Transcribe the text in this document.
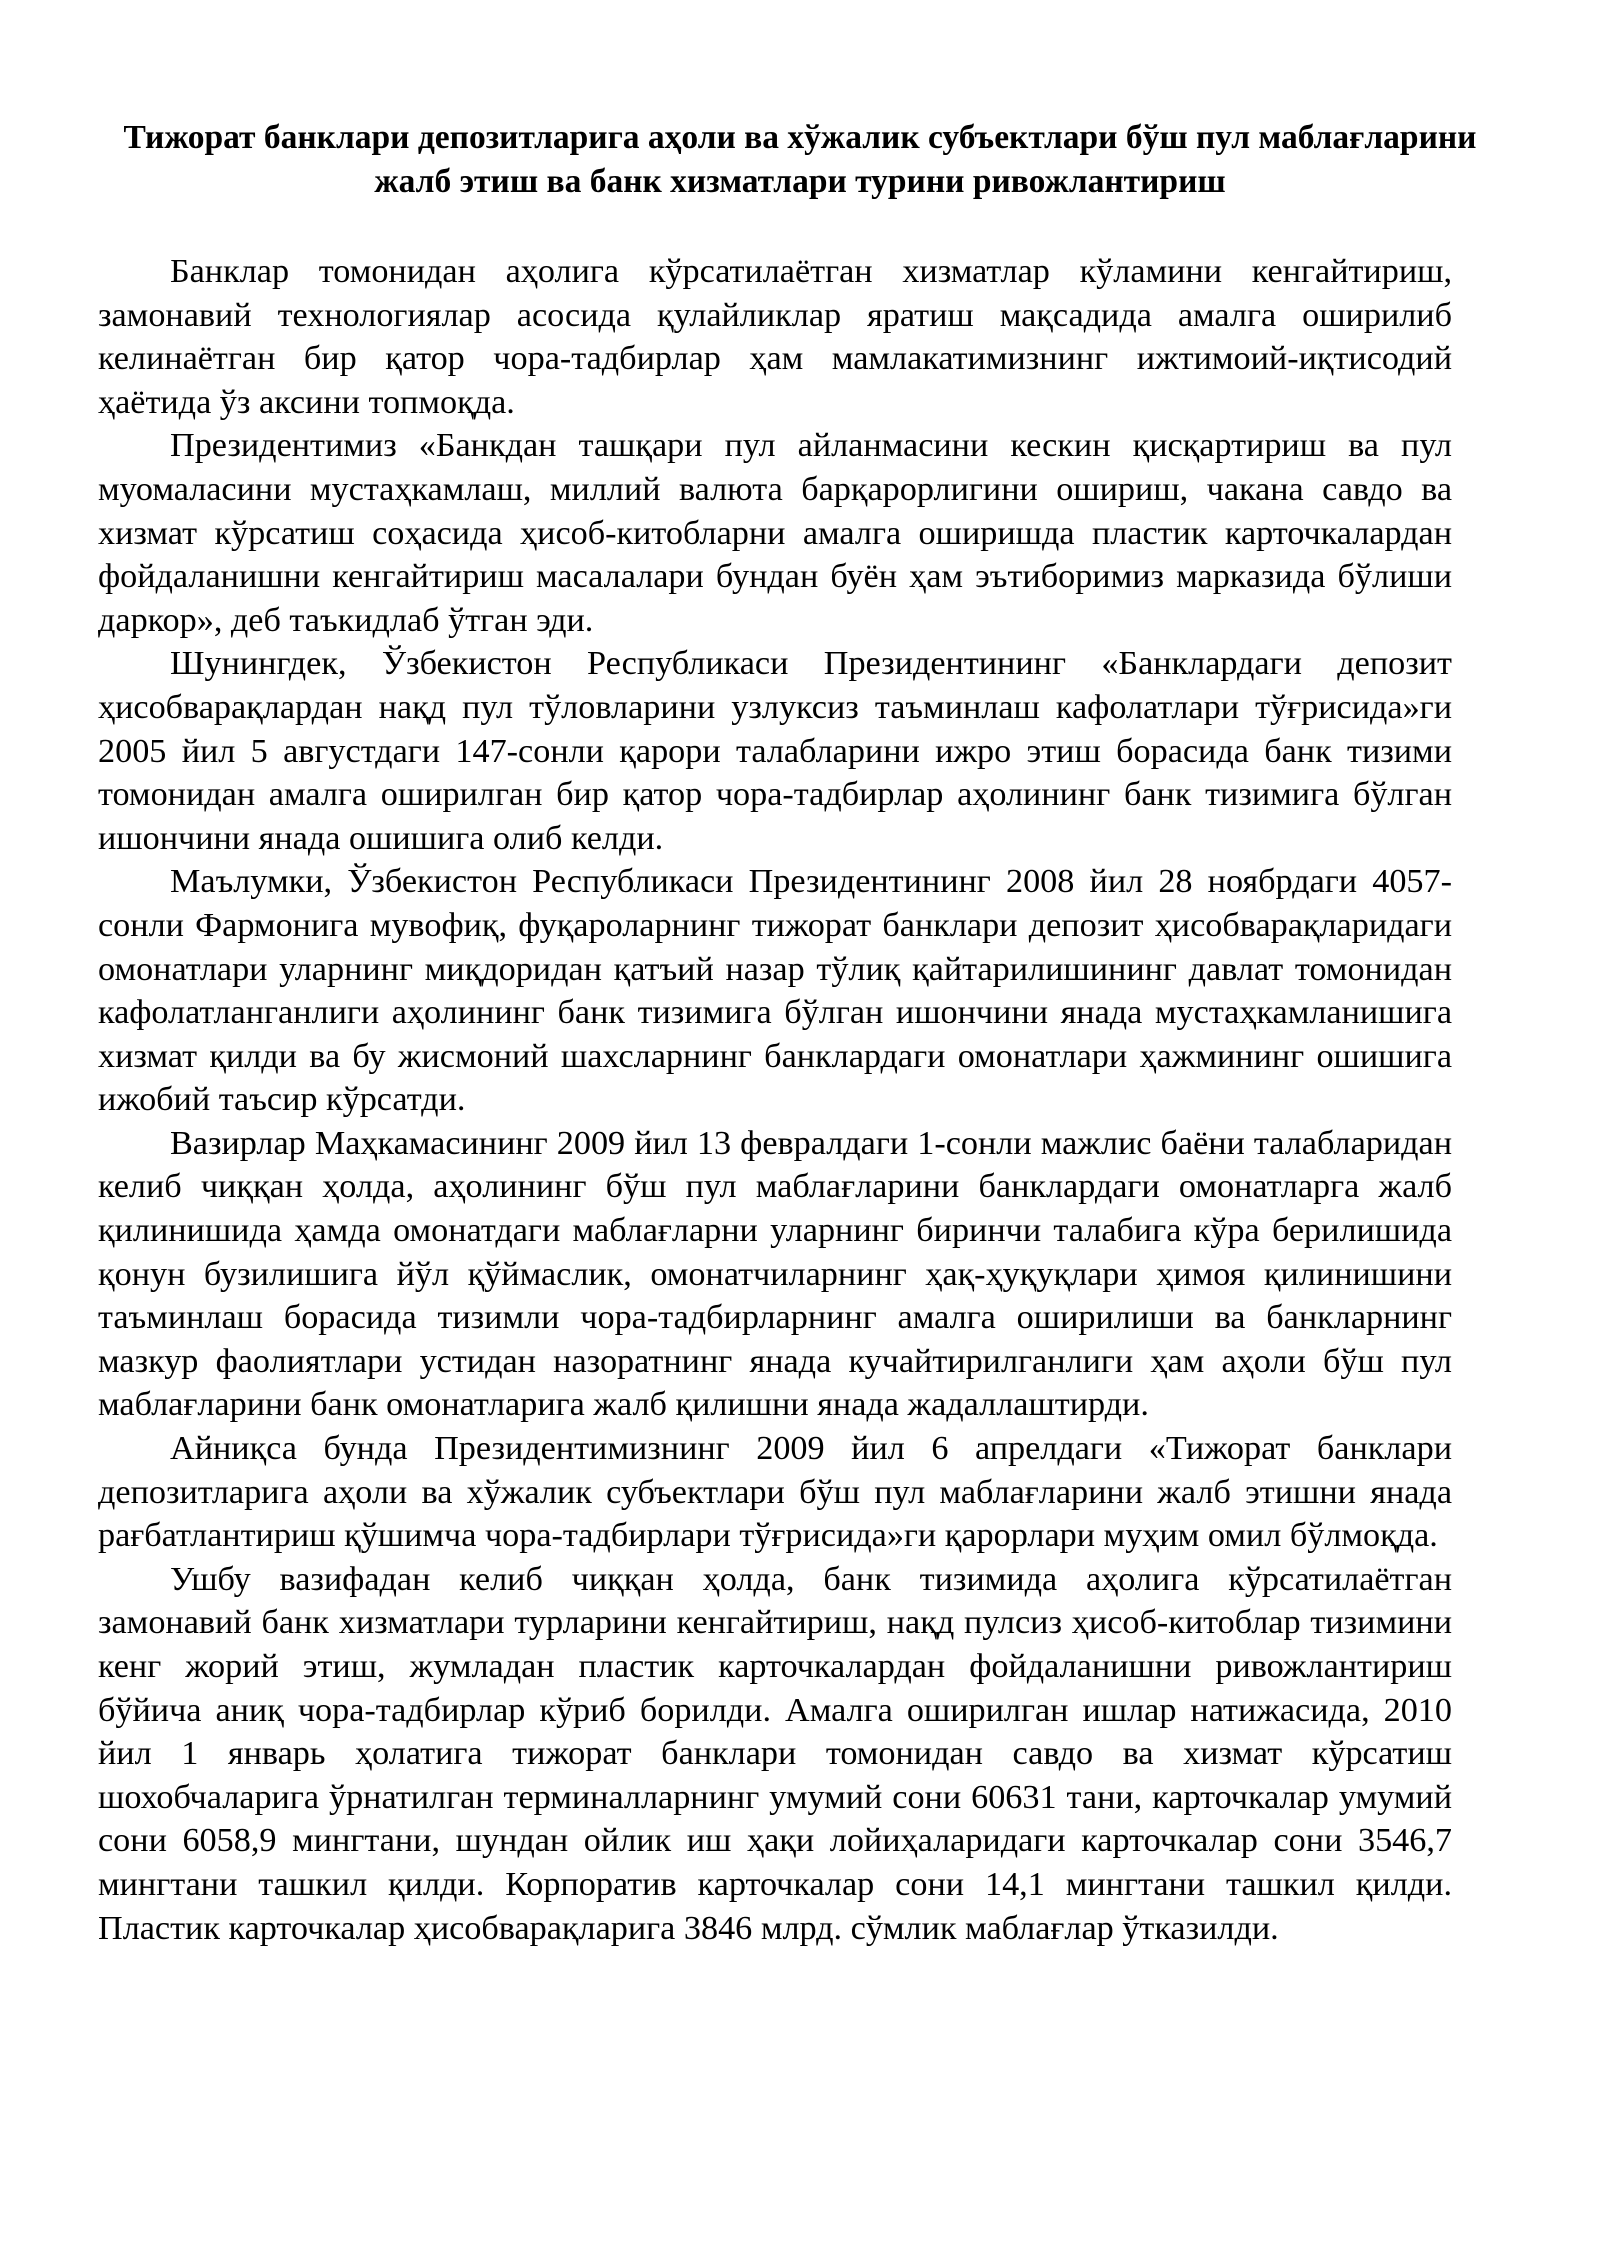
Тижорат банклари депозитларига аҳоли ва хўжалик субъектлари бўш пул маблағларини жалб этиш ва банк хизматлари турини ривожлантириш

Банклар томонидан аҳолига кўрсатилаётган хизматлар кўламини кенгайтириш, замонавий технологиялар асосида қулайликлар яратиш мақсадида амалга оширилиб келинаётган бир қатор чора-тадбирлар ҳам мамлакатимизнинг ижтимоий-иқтисодий ҳаётида ўз аксини топмоқда.

Президентимиз «Банкдан ташқари пул айланмасини кескин қисқартириш ва пул муомаласини мустаҳкамлаш, миллий валюта барқарорлигини ошириш, чакана савдо ва хизмат кўрсатиш соҳасида ҳисоб-китобларни амалга оширишда пластик карточкалардан фойдаланишни кенгайтириш масалалари бундан буён ҳам эътиборимиз марказида бўлиши даркор», деб таъкидлаб ўтган эди.

Шунингдек, Ўзбекистон Республикаси Президентининг «Банклардаги депозит ҳисобварақлардан нақд пул тўловларини узлуксиз таъминлаш кафолатлари тўғрисида»ги 2005 йил 5 августдаги 147-сонли қарори талабларини ижро этиш борасида банк тизими томонидан амалга оширилган бир қатор чора-тадбирлар аҳолининг банк тизимига бўлган ишончини янада ошишига олиб келди.

Маълумки, Ўзбекистон Республикаси Президентининг 2008 йил 28 ноябрдаги 4057-сонли Фармонига мувофиқ, фуқароларнинг тижорат банклари депозит ҳисобварақларидаги омонатлари уларнинг миқдоридан қатъий назар тўлиқ қайтарилишининг давлат томонидан кафолатланганлиги аҳолининг банк тизимига бўлган ишончини янада мустаҳкамланишига хизмат қилди ва бу жисмоний шахсларнинг банклардаги омонатлари ҳажмининг ошишига ижобий таъсир кўрсатди.

Вазирлар Маҳкамасининг 2009 йил 13 февралдаги 1-сонли мажлис баёни талабларидан келиб чиққан ҳолда, аҳолининг бўш пул маблағларини банклардаги омонатларга жалб қилинишида ҳамда омонатдаги маблағларни уларнинг биринчи талабига кўра берилишида қонун бузилишига йўл қўймаслик, омонатчиларнинг ҳақ-ҳуқуқлари ҳимоя қилинишини таъминлаш борасида тизимли чора-тадбирларнинг амалга оширилиши ва банкларнинг мазкур фаолиятлари устидан назоратнинг янада кучайтирилганлиги ҳам аҳоли бўш пул маблағларини банк омонатларига жалб қилишни янада жадаллаштирди.

Айниқса бунда Президентимизнинг 2009 йил 6 апрелдаги «Тижорат банклари депозитларига аҳоли ва хўжалик субъектлари бўш пул маблағларини жалб этишни янада рағбатлантириш қўшимча чора-тадбирлари тўғрисида»ги қарорлари муҳим омил бўлмоқда.

Ушбу вазифадан келиб чиққан ҳолда, банк тизимида аҳолига кўрсатилаётган замонавий банк хизматлари турларини кенгайтириш, нақд пулсиз ҳисоб-китоблар тизимини кенг жорий этиш, жумладан пластик карточкалардан фойдаланишни ривожлантириш бўйича аниқ чора-тадбирлар кўриб борилди. Амалга оширилган ишлар натижасида, 2010 йил 1 январь ҳолатига тижорат банклари томонидан савдо ва хизмат кўрсатиш шохобчаларига ўрнатилган терминалларнинг умумий сони 60631 тани, карточкалар умумий сони 6058,9 мингтани, шундан ойлик иш ҳақи лойиҳаларидаги карточкалар сони 3546,7 мингтани ташкил қилди. Корпоратив карточкалар сони 14,1 мингтани ташкил қилди. Пластик карточкалар ҳисобварақларига 3846 млрд. сўмлик маблағлар ўтказилди.
